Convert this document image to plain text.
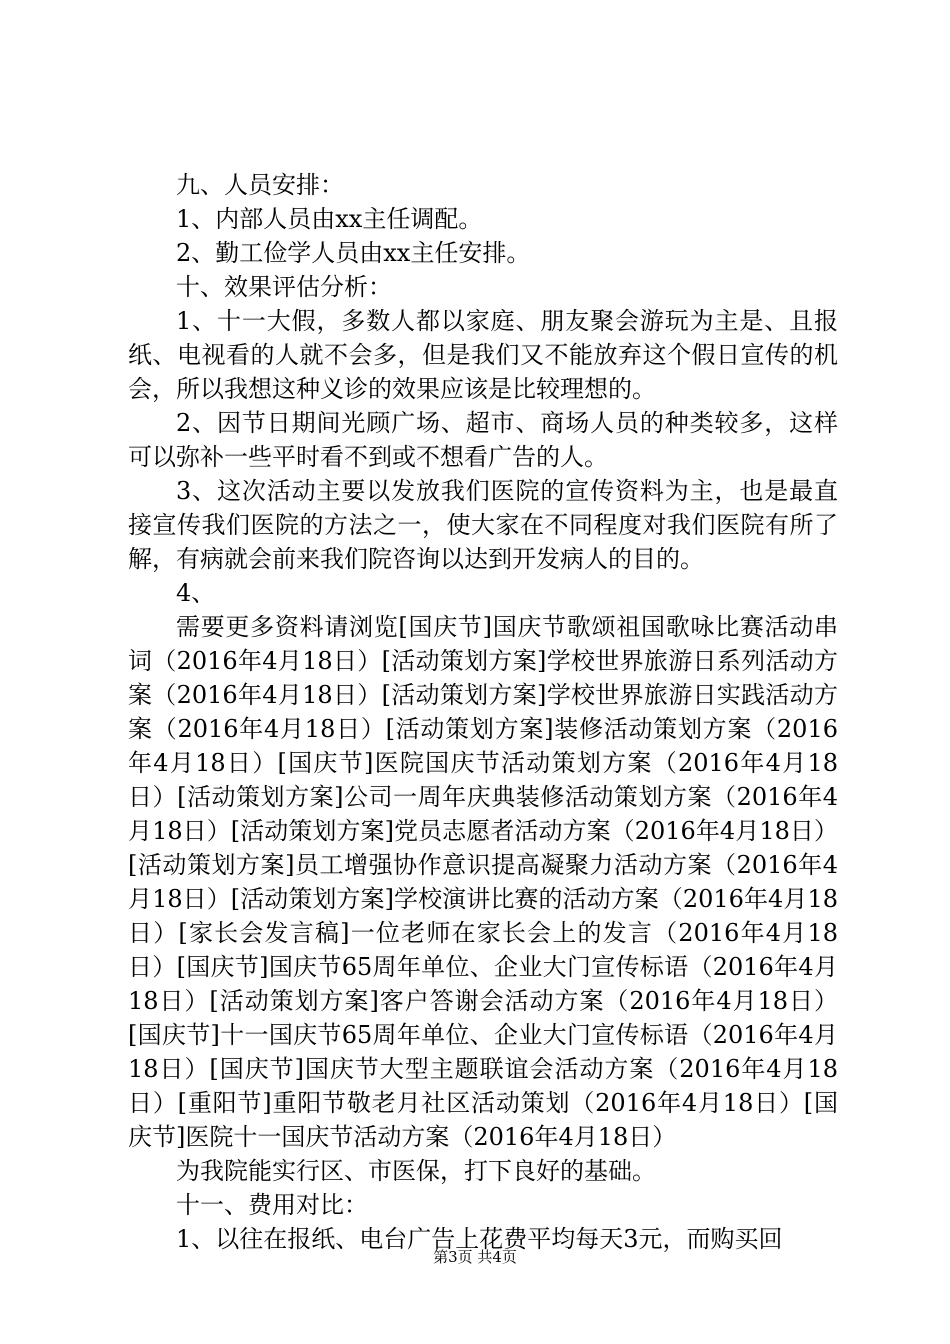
九、人员安排：

1、内部人员由xx主任调配。

2、勤工俭学人员由xx主任安排。

十、效果评估分析：

1、十一大假，多数人都以家庭、朋友聚会游玩为主是、且报纸、电视看的人就不会多，但是我们又不能放弃这个假日宣传的机会，所以我想这种义诊的效果应该是比较理想的。

2、因节日期间光顾广场、超市、商场人员的种类较多，这样可以弥补一些平时看不到或不想看广告的人。

3、这次活动主要以发放我们医院的宣传资料为主，也是最直接宣传我们医院的方法之一，使大家在不同程度对我们医院有所了解，有病就会前来我们院咨询以达到开发病人的目的。

4、

需要更多资料请浏览[国庆节]国庆节歌颂祖国歌咏比赛活动串词（2016年4月18日）[活动策划方案]学校世界旅游日系列活动方案（2016年4月18日）[活动策划方案]学校世界旅游日实践活动方案（2016年4月18日）[活动策划方案]装修活动策划方案（2016年4月18日）[国庆节]医院国庆节活动策划方案（2016年4月18日）[活动策划方案]公司一周年庆典装修活动策划方案（2016年4月18日）[活动策划方案]党员志愿者活动方案（2016年4月18日）[活动策划方案]员工增强协作意识提高凝聚力活动方案（2016年4月18日）[活动策划方案]学校演讲比赛的活动方案（2016年4月18日）[家长会发言稿]一位老师在家长会上的发言（2016年4月18日）[国庆节]国庆节65周年单位、企业大门宣传标语（2016年4月18日）[活动策划方案]客户答谢会活动方案（2016年4月18日）[国庆节]十一国庆节65周年单位、企业大门宣传标语（2016年4月18日）[国庆节]国庆节大型主题联谊会活动方案（2016年4月18日）[重阳节]重阳节敬老月社区活动策划（2016年4月18日）[国庆节]医院十一国庆节活动方案（2016年4月18日）

为我院能实行区、市医保，打下良好的基础。

十一、费用对比：

1、以往在报纸、电台广告上花费平均每天3元，而购买回

第3页 共4页
